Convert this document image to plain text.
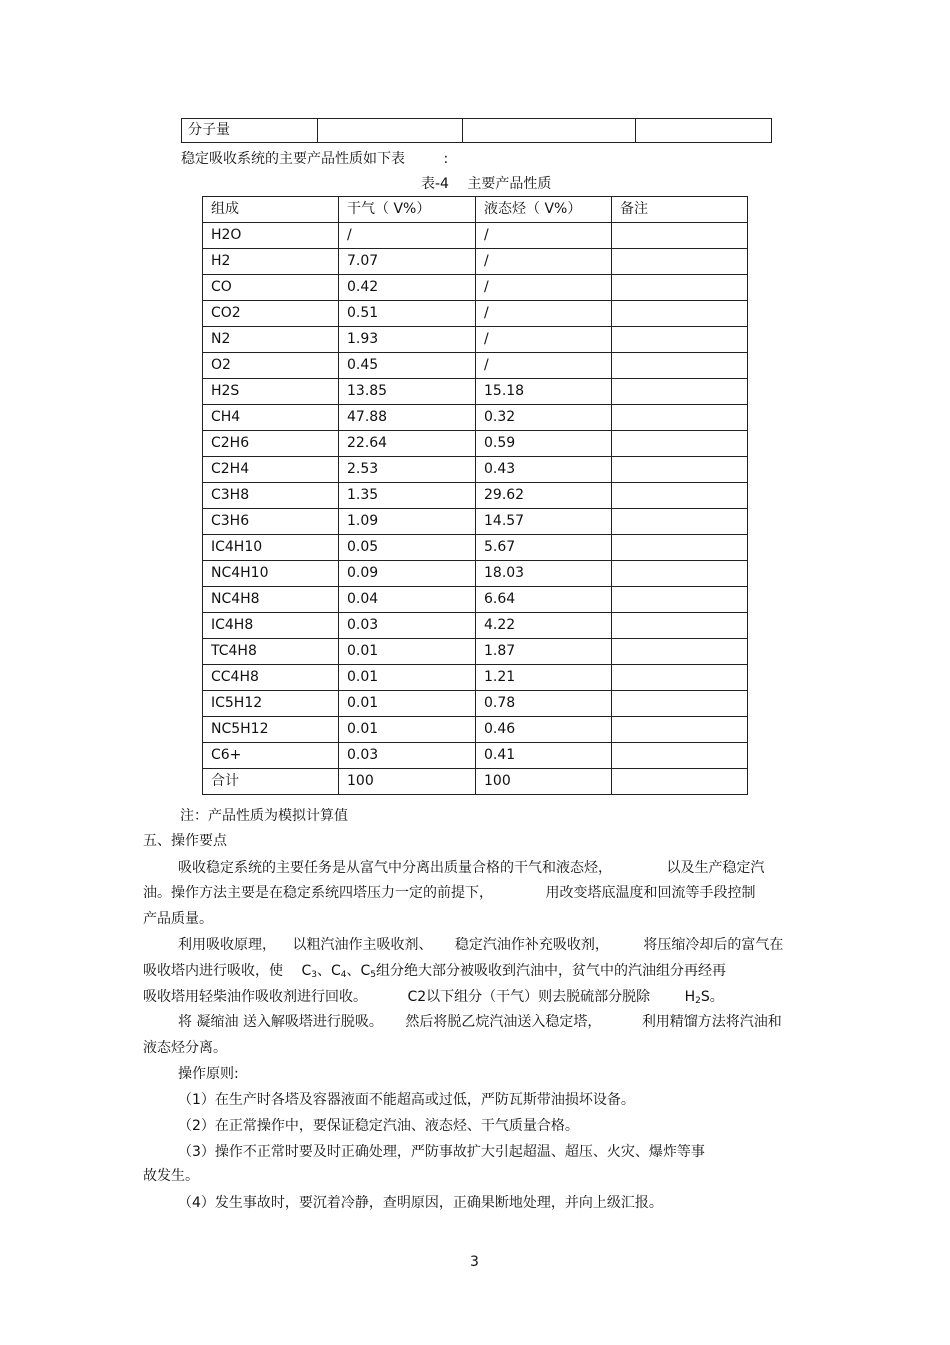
分子量			
稳定吸收系统的主要产品性质如下表	:
表-4 主要产品性质
组成	干气（ V%）	液态烃（ V%）	备注
H2O	/	/	
H2	7.07	/	
CO	0.42	/	
CO2	0.51	/	
N2	1.93	/	
O2	0.45	/	
H2S	13.85	15.18	
CH4	47.88	0.32	
C2H6	22.64	0.59	
C2H4	2.53	0.43	
C3H8	1.35	29.62	
C3H6	1.09	14.57	
IC4H10	0.05	5.67	
NC4H10	0.09	18.03	
NC4H8	0.04	6.64	
IC4H8	0.03	4.22	
TC4H8	0.01	1.87	
CC4H8	0.01	1.21	
IC5H12	0.01	0.78	
NC5H12	0.01	0.46	
C6+	0.03	0.41	
合计	100	100	
注：产品性质为模拟计算值
五、操作要点
吸收稳定系统的主要任务是从富气中分离出质量合格的干气和液态烃，	以及生产稳定汽
油。操作方法主要是在稳定系统四塔压力一定的前提下，	用改变塔底温度和回流等手段控制
产品质量。
利用吸收原理， 以粗汽油作主吸收剂、 稳定汽油作补充吸收剂， 将压缩冷却后的富气在
吸收塔内进行吸收，使 $C_3$、$C_4$、$C_5$组分绝大部分被吸收到汽油中，贫气中的汽油组分再经再
吸收塔用轻柴油作吸收剂进行回收。	C2以下组分（干气）则去脱硫部分脱除 $H_2S$。
将 凝缩油 送入解吸塔进行脱吸。 然后将脱乙烷汽油送入稳定塔，	利用精馏方法将汽油和
液态烃分离。
操作原则:
（1）在生产时各塔及容器液面不能超高或过低，严防瓦斯带油损坏设备。
（2）在正常操作中，要保证稳定汽油、液态烃、干气质量合格。
（3）操作不正常时要及时正确处理，严防事故扩大引起超温、超压、火灾、爆炸等事
故发生。
（4）发生事故时，要沉着冷静，查明原因，正确果断地处理，并向上级汇报。
3
